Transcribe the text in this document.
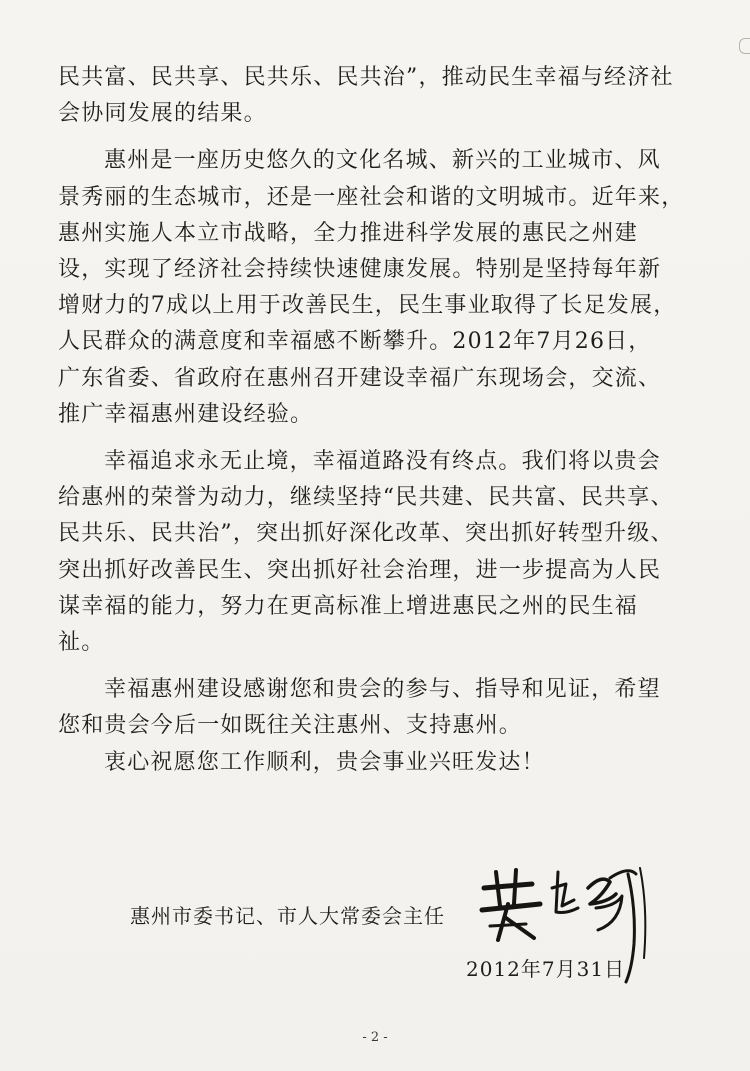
民共富、民共享、民共乐、民共治”，推动民生幸福与经济社

会协同发展的结果。

惠州是一座历史悠久的文化名城、新兴的工业城市、风

景秀丽的生态城市，还是一座社会和谐的文明城市。近年来，

惠州实施人本立市战略，全力推进科学发展的惠民之州建

设，实现了经济社会持续快速健康发展。特别是坚持每年新

增财力的7成以上用于改善民生，民生事业取得了长足发展，

人民群众的满意度和幸福感不断攀升。2012年7月26日，

广东省委、省政府在惠州召开建设幸福广东现场会，交流、

推广幸福惠州建设经验。

幸福追求永无止境，幸福道路没有终点。我们将以贵会

给惠州的荣誉为动力，继续坚持“民共建、民共富、民共享、

民共乐、民共治”，突出抓好深化改革、突出抓好转型升级、

突出抓好改善民生、突出抓好社会治理，进一步提高为人民

谋幸福的能力，努力在更高标准上增进惠民之州的民生福

祉。

幸福惠州建设感谢您和贵会的参与、指导和见证，希望

您和贵会今后一如既往关注惠州、支持惠州。

衷心祝愿您工作顺利，贵会事业兴旺发达！

惠州市委书记、市人大常委会主任
2012年7月31日
- 2 -
